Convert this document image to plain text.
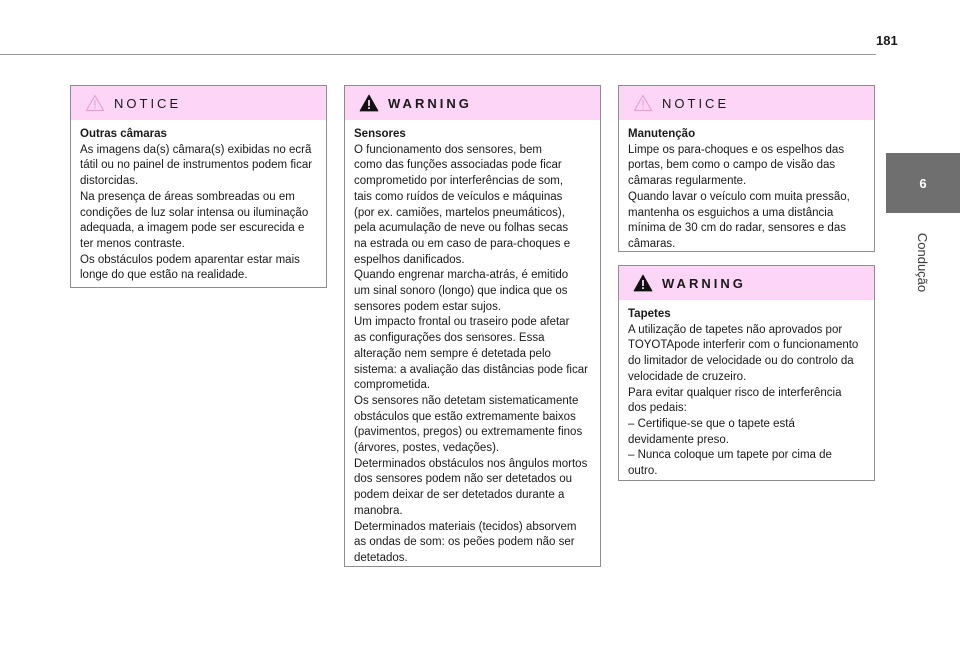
181
6
Condução
NOTICE

Outras câmaras

As imagens da(s) câmara(s) exibidas no ecrã

tátil ou no painel de instrumentos podem ficar

distorcidas.

Na presença de áreas sombreadas ou em

condições de luz solar intensa ou iluminação

adequada, a imagem pode ser escurecida e

ter menos contraste.

Os obstáculos podem aparentar estar mais

longe do que estão na realidade.

WARNING

Sensores

O funcionamento dos sensores, bem

como das funções associadas pode ficar

comprometido por interferências de som,

tais como ruídos de veículos e máquinas

(por ex. camiões, martelos pneumáticos),

pela acumulação de neve ou folhas secas

na estrada ou em caso de para-choques e

espelhos danificados.

Quando engrenar marcha-atrás, é emitido

um sinal sonoro (longo) que indica que os

sensores podem estar sujos.

Um impacto frontal ou traseiro pode afetar

as configurações dos sensores. Essa

alteração nem sempre é detetada pelo

sistema: a avaliação das distâncias pode ficar

comprometida.

Os sensores não detetam sistematicamente

obstáculos que estão extremamente baixos

(pavimentos, pregos) ou extremamente finos

(árvores, postes, vedações).

Determinados obstáculos nos ângulos mortos

dos sensores podem não ser detetados ou

podem deixar de ser detetados durante a

manobra.

Determinados materiais (tecidos) absorvem

as ondas de som: os peões podem não ser

detetados.

NOTICE

Manutenção

Limpe os para-choques e os espelhos das

portas, bem como o campo de visão das

câmaras regularmente.

Quando lavar o veículo com muita pressão,

mantenha os esguichos a uma distância

mínima de 30 cm do radar, sensores e das

câmaras.

WARNING

Tapetes

A utilização de tapetes não aprovados por

TOYOTApode interferir com o funcionamento

do limitador de velocidade ou do controlo da

velocidade de cruzeiro.

Para evitar qualquer risco de interferência

dos pedais:

– Certifique-se que o tapete está

devidamente preso.

– Nunca coloque um tapete por cima de

outro.
